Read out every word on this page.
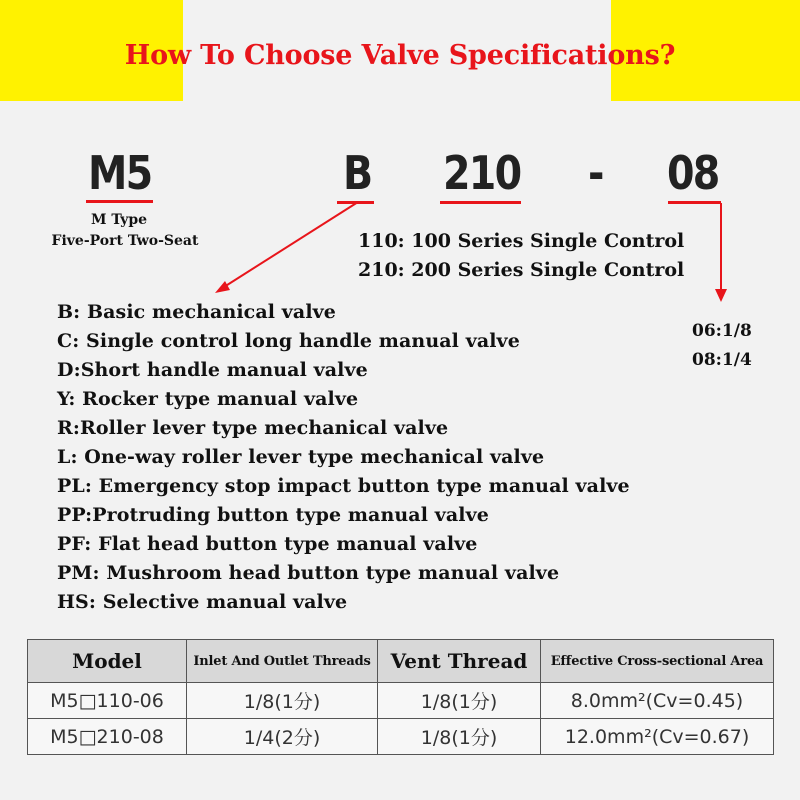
How To Choose Valve Specifications?
M5	B 210 - 08
M Type
Five-Port Two-Seat	110: 100 Series Single Control
210: 200 Series Single Control
B: Basic mechanical valve
C: Single control long handle manual valve
D:Short handle manual valve
Y: Rocker type manual valve
R:Roller lever type mechanical valve
L: One-way roller lever type mechanical valve
PL: Emergency stop impact button type manual valve
PP:Protruding button type manual valve
PF: Flat head button type manual valve
PM: Mushroom head button type manual valve
HS: Selective manual valve
06:1/8
08:1/4
Model	Inlet And Outlet Threads	Vent Thread	Effective Cross-sectional Area
M5□110-06	1/8(1分)	1/8(1分)	8.0mm²(Cv=0.45)
M5□210-08	1/4(2分)	1/8(1分)	12.0mm²(Cv=0.67)
